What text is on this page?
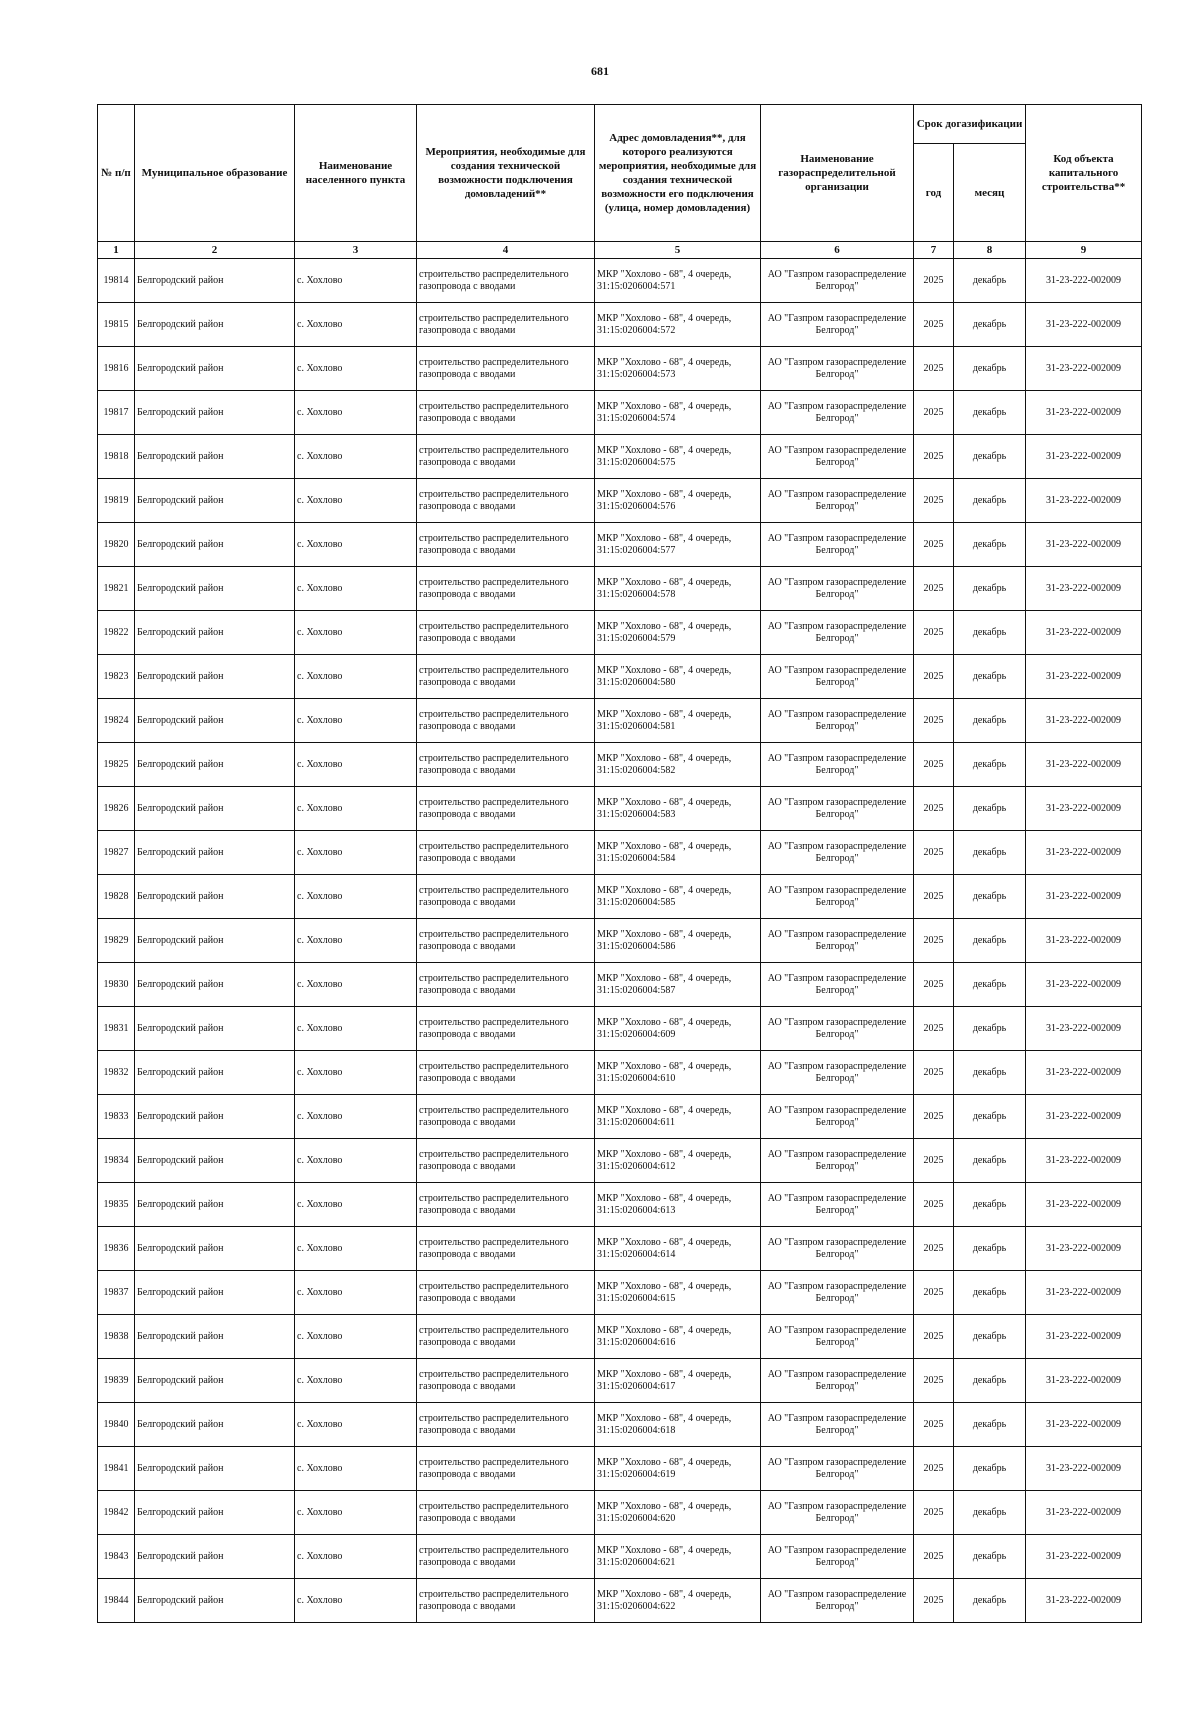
681
№ п/п	Муниципальное образование	Наименование населенного пункта	Мероприятия, необходимые для создания технической возможности подключения домовладений**	Адрес домовладения**, для которого реализуются мероприятия, необходимые для создания технической возможности его подключения (улица, номер домовладения)	Наименование газораспределительной организации	Срок догазификации		Код объекта капитального строительства**
						год	месяц	
1	2	3	4	5	6	7	8	9
19814	Белгородский район	с. Хохлово	строительство распределительного газопровода с вводами	МКР "Хохлово - 68", 4 очередь, 31:15:0206004:571	АО "Газпром газораспределение Белгород"	2025	декабрь	31-23-222-002009
19815	Белгородский район	с. Хохлово	строительство распределительного газопровода с вводами	МКР "Хохлово - 68", 4 очередь, 31:15:0206004:572	АО "Газпром газораспределение Белгород"	2025	декабрь	31-23-222-002009
19816	Белгородский район	с. Хохлово	строительство распределительного газопровода с вводами	МКР "Хохлово - 68", 4 очередь, 31:15:0206004:573	АО "Газпром газораспределение Белгород"	2025	декабрь	31-23-222-002009
19817	Белгородский район	с. Хохлово	строительство распределительного газопровода с вводами	МКР "Хохлово - 68", 4 очередь, 31:15:0206004:574	АО "Газпром газораспределение Белгород"	2025	декабрь	31-23-222-002009
19818	Белгородский район	с. Хохлово	строительство распределительного газопровода с вводами	МКР "Хохлово - 68", 4 очередь, 31:15:0206004:575	АО "Газпром газораспределение Белгород"	2025	декабрь	31-23-222-002009
19819	Белгородский район	с. Хохлово	строительство распределительного газопровода с вводами	МКР "Хохлово - 68", 4 очередь, 31:15:0206004:576	АО "Газпром газораспределение Белгород"	2025	декабрь	31-23-222-002009
19820	Белгородский район	с. Хохлово	строительство распределительного газопровода с вводами	МКР "Хохлово - 68", 4 очередь, 31:15:0206004:577	АО "Газпром газораспределение Белгород"	2025	декабрь	31-23-222-002009
19821	Белгородский район	с. Хохлово	строительство распределительного газопровода с вводами	МКР "Хохлово - 68", 4 очередь, 31:15:0206004:578	АО "Газпром газораспределение Белгород"	2025	декабрь	31-23-222-002009
19822	Белгородский район	с. Хохлово	строительство распределительного газопровода с вводами	МКР "Хохлово - 68", 4 очередь, 31:15:0206004:579	АО "Газпром газораспределение Белгород"	2025	декабрь	31-23-222-002009
19823	Белгородский район	с. Хохлово	строительство распределительного газопровода с вводами	МКР "Хохлово - 68", 4 очередь, 31:15:0206004:580	АО "Газпром газораспределение Белгород"	2025	декабрь	31-23-222-002009
19824	Белгородский район	с. Хохлово	строительство распределительного газопровода с вводами	МКР "Хохлово - 68", 4 очередь, 31:15:0206004:581	АО "Газпром газораспределение Белгород"	2025	декабрь	31-23-222-002009
19825	Белгородский район	с. Хохлово	строительство распределительного газопровода с вводами	МКР "Хохлово - 68", 4 очередь, 31:15:0206004:582	АО "Газпром газораспределение Белгород"	2025	декабрь	31-23-222-002009
19826	Белгородский район	с. Хохлово	строительство распределительного газопровода с вводами	МКР "Хохлово - 68", 4 очередь, 31:15:0206004:583	АО "Газпром газораспределение Белгород"	2025	декабрь	31-23-222-002009
19827	Белгородский район	с. Хохлово	строительство распределительного газопровода с вводами	МКР "Хохлово - 68", 4 очередь, 31:15:0206004:584	АО "Газпром газораспределение Белгород"	2025	декабрь	31-23-222-002009
19828	Белгородский район	с. Хохлово	строительство распределительного газопровода с вводами	МКР "Хохлово - 68", 4 очередь, 31:15:0206004:585	АО "Газпром газораспределение Белгород"	2025	декабрь	31-23-222-002009
19829	Белгородский район	с. Хохлово	строительство распределительного газопровода с вводами	МКР "Хохлово - 68", 4 очередь, 31:15:0206004:586	АО "Газпром газораспределение Белгород"	2025	декабрь	31-23-222-002009
19830	Белгородский район	с. Хохлово	строительство распределительного газопровода с вводами	МКР "Хохлово - 68", 4 очередь, 31:15:0206004:587	АО "Газпром газораспределение Белгород"	2025	декабрь	31-23-222-002009
19831	Белгородский район	с. Хохлово	строительство распределительного газопровода с вводами	МКР "Хохлово - 68", 4 очередь, 31:15:0206004:609	АО "Газпром газораспределение Белгород"	2025	декабрь	31-23-222-002009
19832	Белгородский район	с. Хохлово	строительство распределительного газопровода с вводами	МКР "Хохлово - 68", 4 очередь, 31:15:0206004:610	АО "Газпром газораспределение Белгород"	2025	декабрь	31-23-222-002009
19833	Белгородский район	с. Хохлово	строительство распределительного газопровода с вводами	МКР "Хохлово - 68", 4 очередь, 31:15:0206004:611	АО "Газпром газораспределение Белгород"	2025	декабрь	31-23-222-002009
19834	Белгородский район	с. Хохлово	строительство распределительного газопровода с вводами	МКР "Хохлово - 68", 4 очередь, 31:15:0206004:612	АО "Газпром газораспределение Белгород"	2025	декабрь	31-23-222-002009
19835	Белгородский район	с. Хохлово	строительство распределительного газопровода с вводами	МКР "Хохлово - 68", 4 очередь, 31:15:0206004:613	АО "Газпром газораспределение Белгород"	2025	декабрь	31-23-222-002009
19836	Белгородский район	с. Хохлово	строительство распределительного газопровода с вводами	МКР "Хохлово - 68", 4 очередь, 31:15:0206004:614	АО "Газпром газораспределение Белгород"	2025	декабрь	31-23-222-002009
19837	Белгородский район	с. Хохлово	строительство распределительного газопровода с вводами	МКР "Хохлово - 68", 4 очередь, 31:15:0206004:615	АО "Газпром газораспределение Белгород"	2025	декабрь	31-23-222-002009
19838	Белгородский район	с. Хохлово	строительство распределительного газопровода с вводами	МКР "Хохлово - 68", 4 очередь, 31:15:0206004:616	АО "Газпром газораспределение Белгород"	2025	декабрь	31-23-222-002009
19839	Белгородский район	с. Хохлово	строительство распределительного газопровода с вводами	МКР "Хохлово - 68", 4 очередь, 31:15:0206004:617	АО "Газпром газораспределение Белгород"	2025	декабрь	31-23-222-002009
19840	Белгородский район	с. Хохлово	строительство распределительного газопровода с вводами	МКР "Хохлово - 68", 4 очередь, 31:15:0206004:618	АО "Газпром газораспределение Белгород"	2025	декабрь	31-23-222-002009
19841	Белгородский район	с. Хохлово	строительство распределительного газопровода с вводами	МКР "Хохлово - 68", 4 очередь, 31:15:0206004:619	АО "Газпром газораспределение Белгород"	2025	декабрь	31-23-222-002009
19842	Белгородский район	с. Хохлово	строительство распределительного газопровода с вводами	МКР "Хохлово - 68", 4 очередь, 31:15:0206004:620	АО "Газпром газораспределение Белгород"	2025	декабрь	31-23-222-002009
19843	Белгородский район	с. Хохлово	строительство распределительного газопровода с вводами	МКР "Хохлово - 68", 4 очередь, 31:15:0206004:621	АО "Газпром газораспределение Белгород"	2025	декабрь	31-23-222-002009
19844	Белгородский район	с. Хохлово	строительство распределительного газопровода с вводами	МКР "Хохлово - 68", 4 очередь, 31:15:0206004:622	АО "Газпром газораспределение Белгород"	2025	декабрь	31-23-222-002009
